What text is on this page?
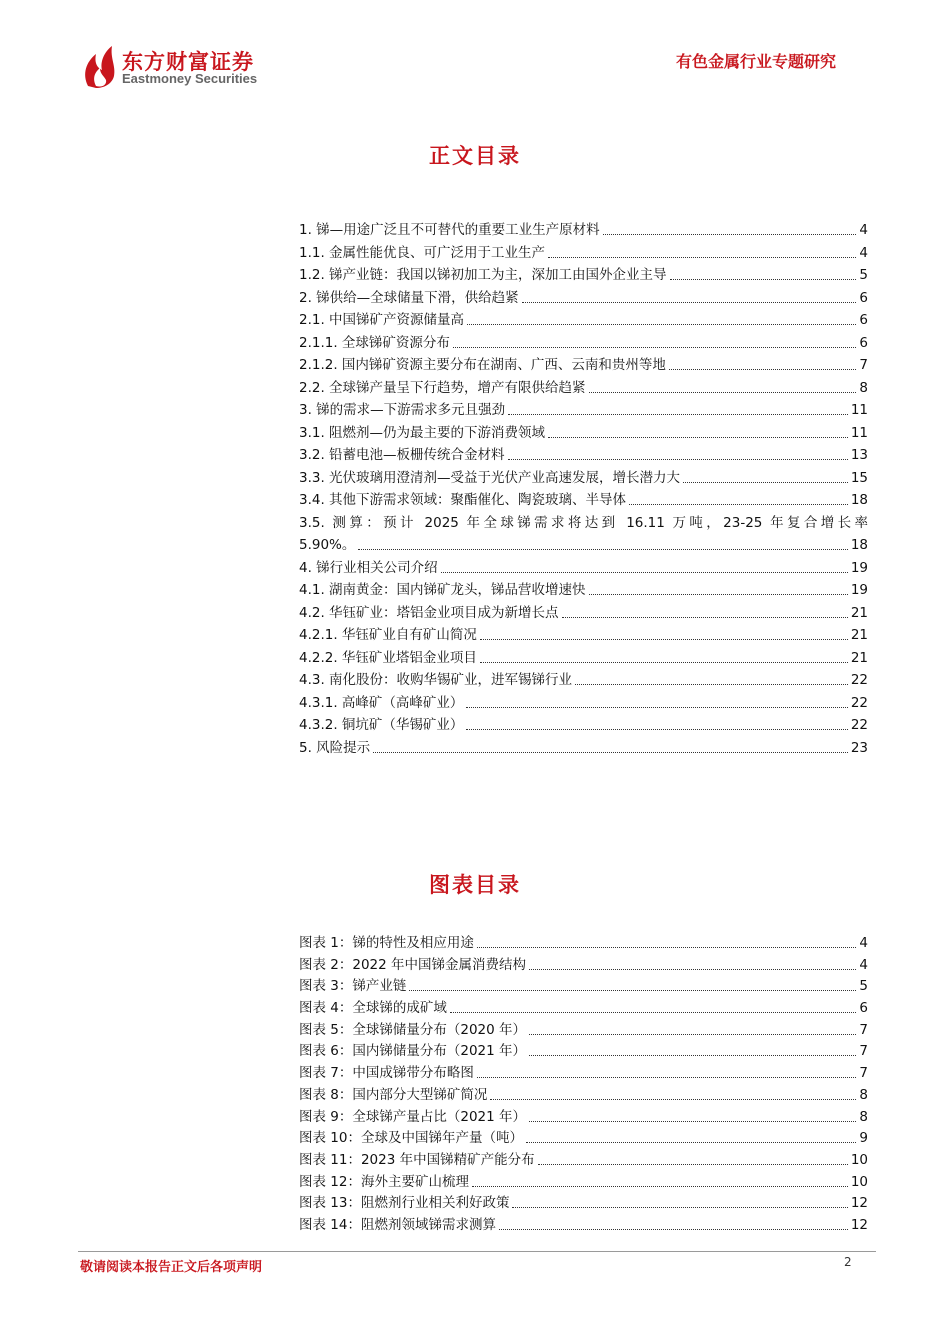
东方财富证券
Eastmoney Securities
有色金属行业专题研究
正文目录
1. 锑—用途广泛且不可替代的重要工业生产原材料	4
1.1. 金属性能优良、可广泛用于工业生产	4
1.2. 锑产业链：我国以锑初加工为主，深加工由国外企业主导	5
2. 锑供给—全球储量下滑，供给趋紧	6
2.1. 中国锑矿产资源储量高	6
2.1.1. 全球锑矿资源分布	6
2.1.2. 国内锑矿资源主要分布在湖南、广西、云南和贵州等地	7
2.2. 全球锑产量呈下行趋势，增产有限供给趋紧	8
3. 锑的需求—下游需求多元且强劲	11
3.1. 阻燃剂—仍为最主要的下游消费领域	11
3.2. 铅蓄电池—板栅传统合金材料	13
3.3. 光伏玻璃用澄清剂—受益于光伏产业高速发展，增长潜力大	15
3.4. 其他下游需求领域：聚酯催化、陶瓷玻璃、半导体	18
3.5. 测算：预计 2025 年全球锑需求将达到 16.11 万吨，23-25 年复合增长率
5.90%。	18
4. 锑行业相关公司介绍	19
4.1. 湖南黄金：国内锑矿龙头，锑品营收增速快	19
4.2. 华钰矿业：塔铝金业项目成为新增长点	21
4.2.1. 华钰矿业自有矿山简况	21
4.2.2. 华钰矿业塔铝金业项目	21
4.3. 南化股份：收购华锡矿业，进军锡锑行业	22
4.3.1. 高峰矿（高峰矿业）	22
4.3.2. 铜坑矿（华锡矿业）	22
5. 风险提示	23
图表目录
图表 1：锑的特性及相应用途	4
图表 2：2022 年中国锑金属消费结构	4
图表 3：锑产业链	5
图表 4：全球锑的成矿域	6
图表 5：全球锑储量分布（2020 年）	7
图表 6：国内锑储量分布（2021 年）	7
图表 7：中国成锑带分布略图	7
图表 8：国内部分大型锑矿简况	8
图表 9：全球锑产量占比（2021 年）	8
图表 10：全球及中国锑年产量（吨）	9
图表 11：2023 年中国锑精矿产能分布	10
图表 12：海外主要矿山梳理	10
图表 13：阻燃剂行业相关利好政策	12
图表 14：阻燃剂领域锑需求测算	12
敬请阅读本报告正文后各项声明	2
